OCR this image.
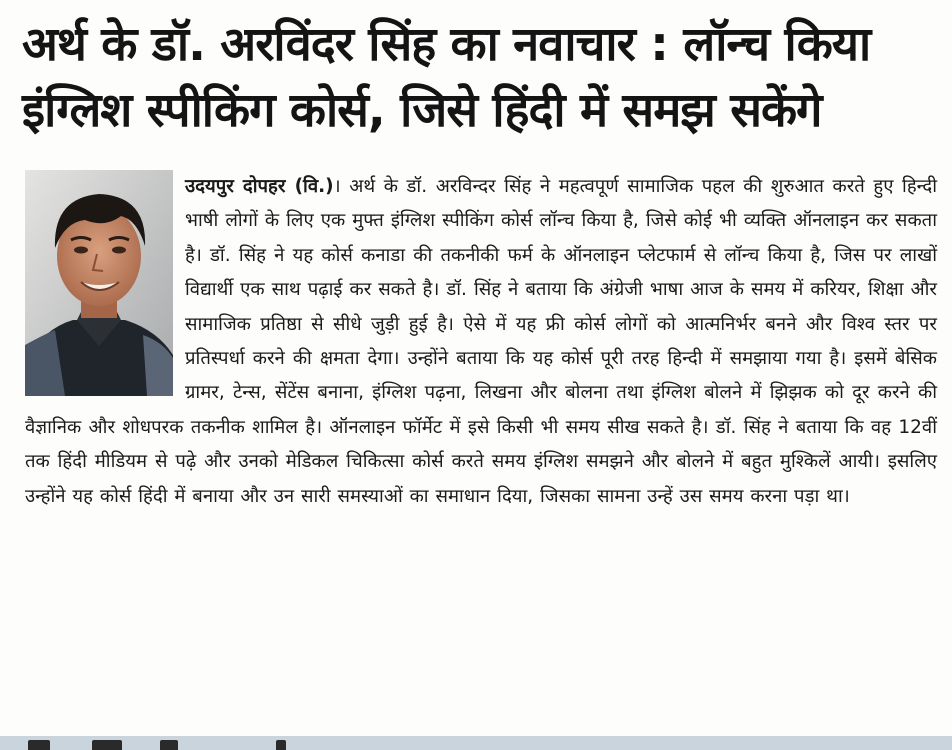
अर्थ के डॉ. अरविंदर सिंह का नवाचार : लॉन्च किया
इंग्लिश स्पीकिंग कोर्स, जिसे हिंदी में समझ सकेंगे
उदयपुर दोपहर (वि.)। अर्थ के डॉ. अरविन्दर सिंह ने महत्वपूर्ण सामाजिक पहल की शुरुआत करते हुए हिन्दी भाषी लोगों के लिए एक मुफ्त इंग्लिश स्पीकिंग कोर्स लॉन्च किया है, जिसे कोई भी व्यक्ति ऑनलाइन कर सकता है। डॉ. सिंह ने यह कोर्स कनाडा की तकनीकी फर्म के ऑनलाइन प्लेटफार्म से लॉन्च किया है, जिस पर लाखों विद्यार्थी एक साथ पढ़ाई कर सकते है। डॉ. सिंह ने बताया कि अंग्रेजी भाषा आज के समय में करियर, शिक्षा और सामाजिक प्रतिष्ठा से सीधे जुड़ी हुई है। ऐसे में यह फ्री कोर्स लोगों को आत्मनिर्भर बनने और विश्व स्तर पर प्रतिस्पर्धा करने की क्षमता देगा। उन्होंने बताया कि यह कोर्स पूरी तरह हिन्दी में समझाया गया है। इसमें बेसिक ग्रामर, टेन्स, सेंटेंस बनाना, इंग्लिश पढ़ना, लिखना और बोलना तथा इंग्लिश बोलने में झिझक को दूर करने की वैज्ञानिक और शोधपरक तकनीक शामिल है। ऑनलाइन फॉर्मेट में इसे किसी भी समय सीख सकते है। डॉ. सिंह ने बताया कि वह 12वीं तक हिंदी मीडियम से पढ़े और उनको मेडिकल चिकित्सा कोर्स करते समय इंग्लिश समझने और बोलने में बहुत मुश्किलें आयी। इसलिए उन्होंने यह कोर्स हिंदी में बनाया और उन सारी समस्याओं का समाधान दिया, जिसका सामना उन्हें उस समय करना पड़ा था।
